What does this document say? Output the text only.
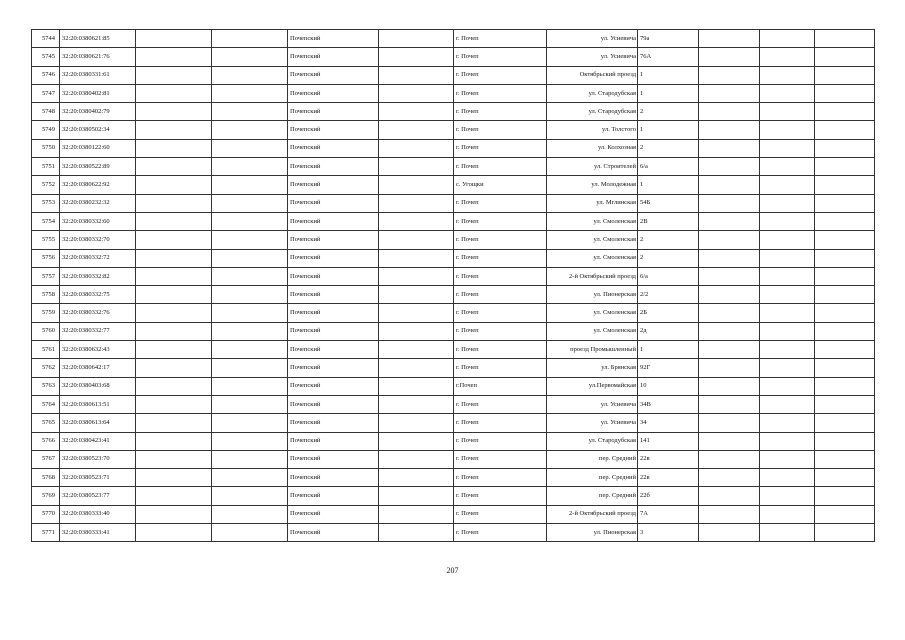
5744	32:20:0380621:85			Почепский		г. Почеп	ул. Усиевича	79а			
5745	32:20:0380621:76			Почепский		г. Почеп	ул. Усиевича	76А			
5746	32:20:0380331:61			Почепский		г. Почеп	Октябрьский проезд	1			
5747	32:20:0380402:81			Почепский		г. Почеп	ул. Стародубская	1			
5748	32:20:0380402:79			Почепский		г. Почеп	ул. Стародубская	2			
5749	32:20:0380502:34			Почепский		г. Почеп	ул. Толстого	1			
5750	32:20:0380122:60			Почепский		г. Почеп	ул. Колхозная	2			
5751	32:20:0380522:89			Почепский		г. Почеп	ул. Строителей	6/а			
5752	32:20:0380622:92			Почепский		с. Угощки	ул. Молодежная	1			
5753	32:20:0380232:32			Почепский		г. Почеп	ул. Мглинская	54Б			
5754	32:20:0380332:60			Почепский		г. Почеп	ул. Смоленская	2В			
5755	32:20:0380332:70			Почепский		г. Почеп	ул. Смоленская	2			
5756	32:20:0380332:72			Почепский		г. Почеп	ул. Смоленская	2			
5757	32:20:0380332:82			Почепский		г. Почеп	2-й Октябрьский проезд	6/а			
5758	32:20:0380332:75			Почепский		г. Почеп	ул. Пионерская	2/2			
5759	32:20:0380332:76			Почепский		г. Почеп	ул. Смоленская	2Б			
5760	32:20:0380332:77			Почепский		г. Почеп	ул. Смоленская	2д			
5761	32:20:0380632:43			Почепский		г. Почеп	проезд Промышленный	1			
5762	32:20:0380642:17			Почепский		г. Почеп	ул. Брянская	92Г			
5763	32:20:0380403:68			Почепский		г.Почеп	ул.Первомайская	10			
5764	32:20:0380613:51			Почепский		г. Почеп	ул. Усиевича	34В			
5765	32:20:0380613:64			Почепский		г. Почеп	ул. Усиевича	34			
5766	32:20:0380423:41			Почепский		г. Почеп	ул. Стародубская	141			
5767	32:20:0380523:70			Почепский		г. Почеп	пер. Средний	22в			
5768	32:20:0380523:71			Почепский		г. Почеп	пер. Средний	22в			
5769	32:20:0380523:77			Почепский		г. Почеп	пер. Средний	22б			
5770	32:20:0380333:40			Почепский		г. Почеп	2-й Октябрьский проезд	7А			
5771	32:20:0380333:41			Почепский		г. Почеп	ул. Пионерская	3			
207
